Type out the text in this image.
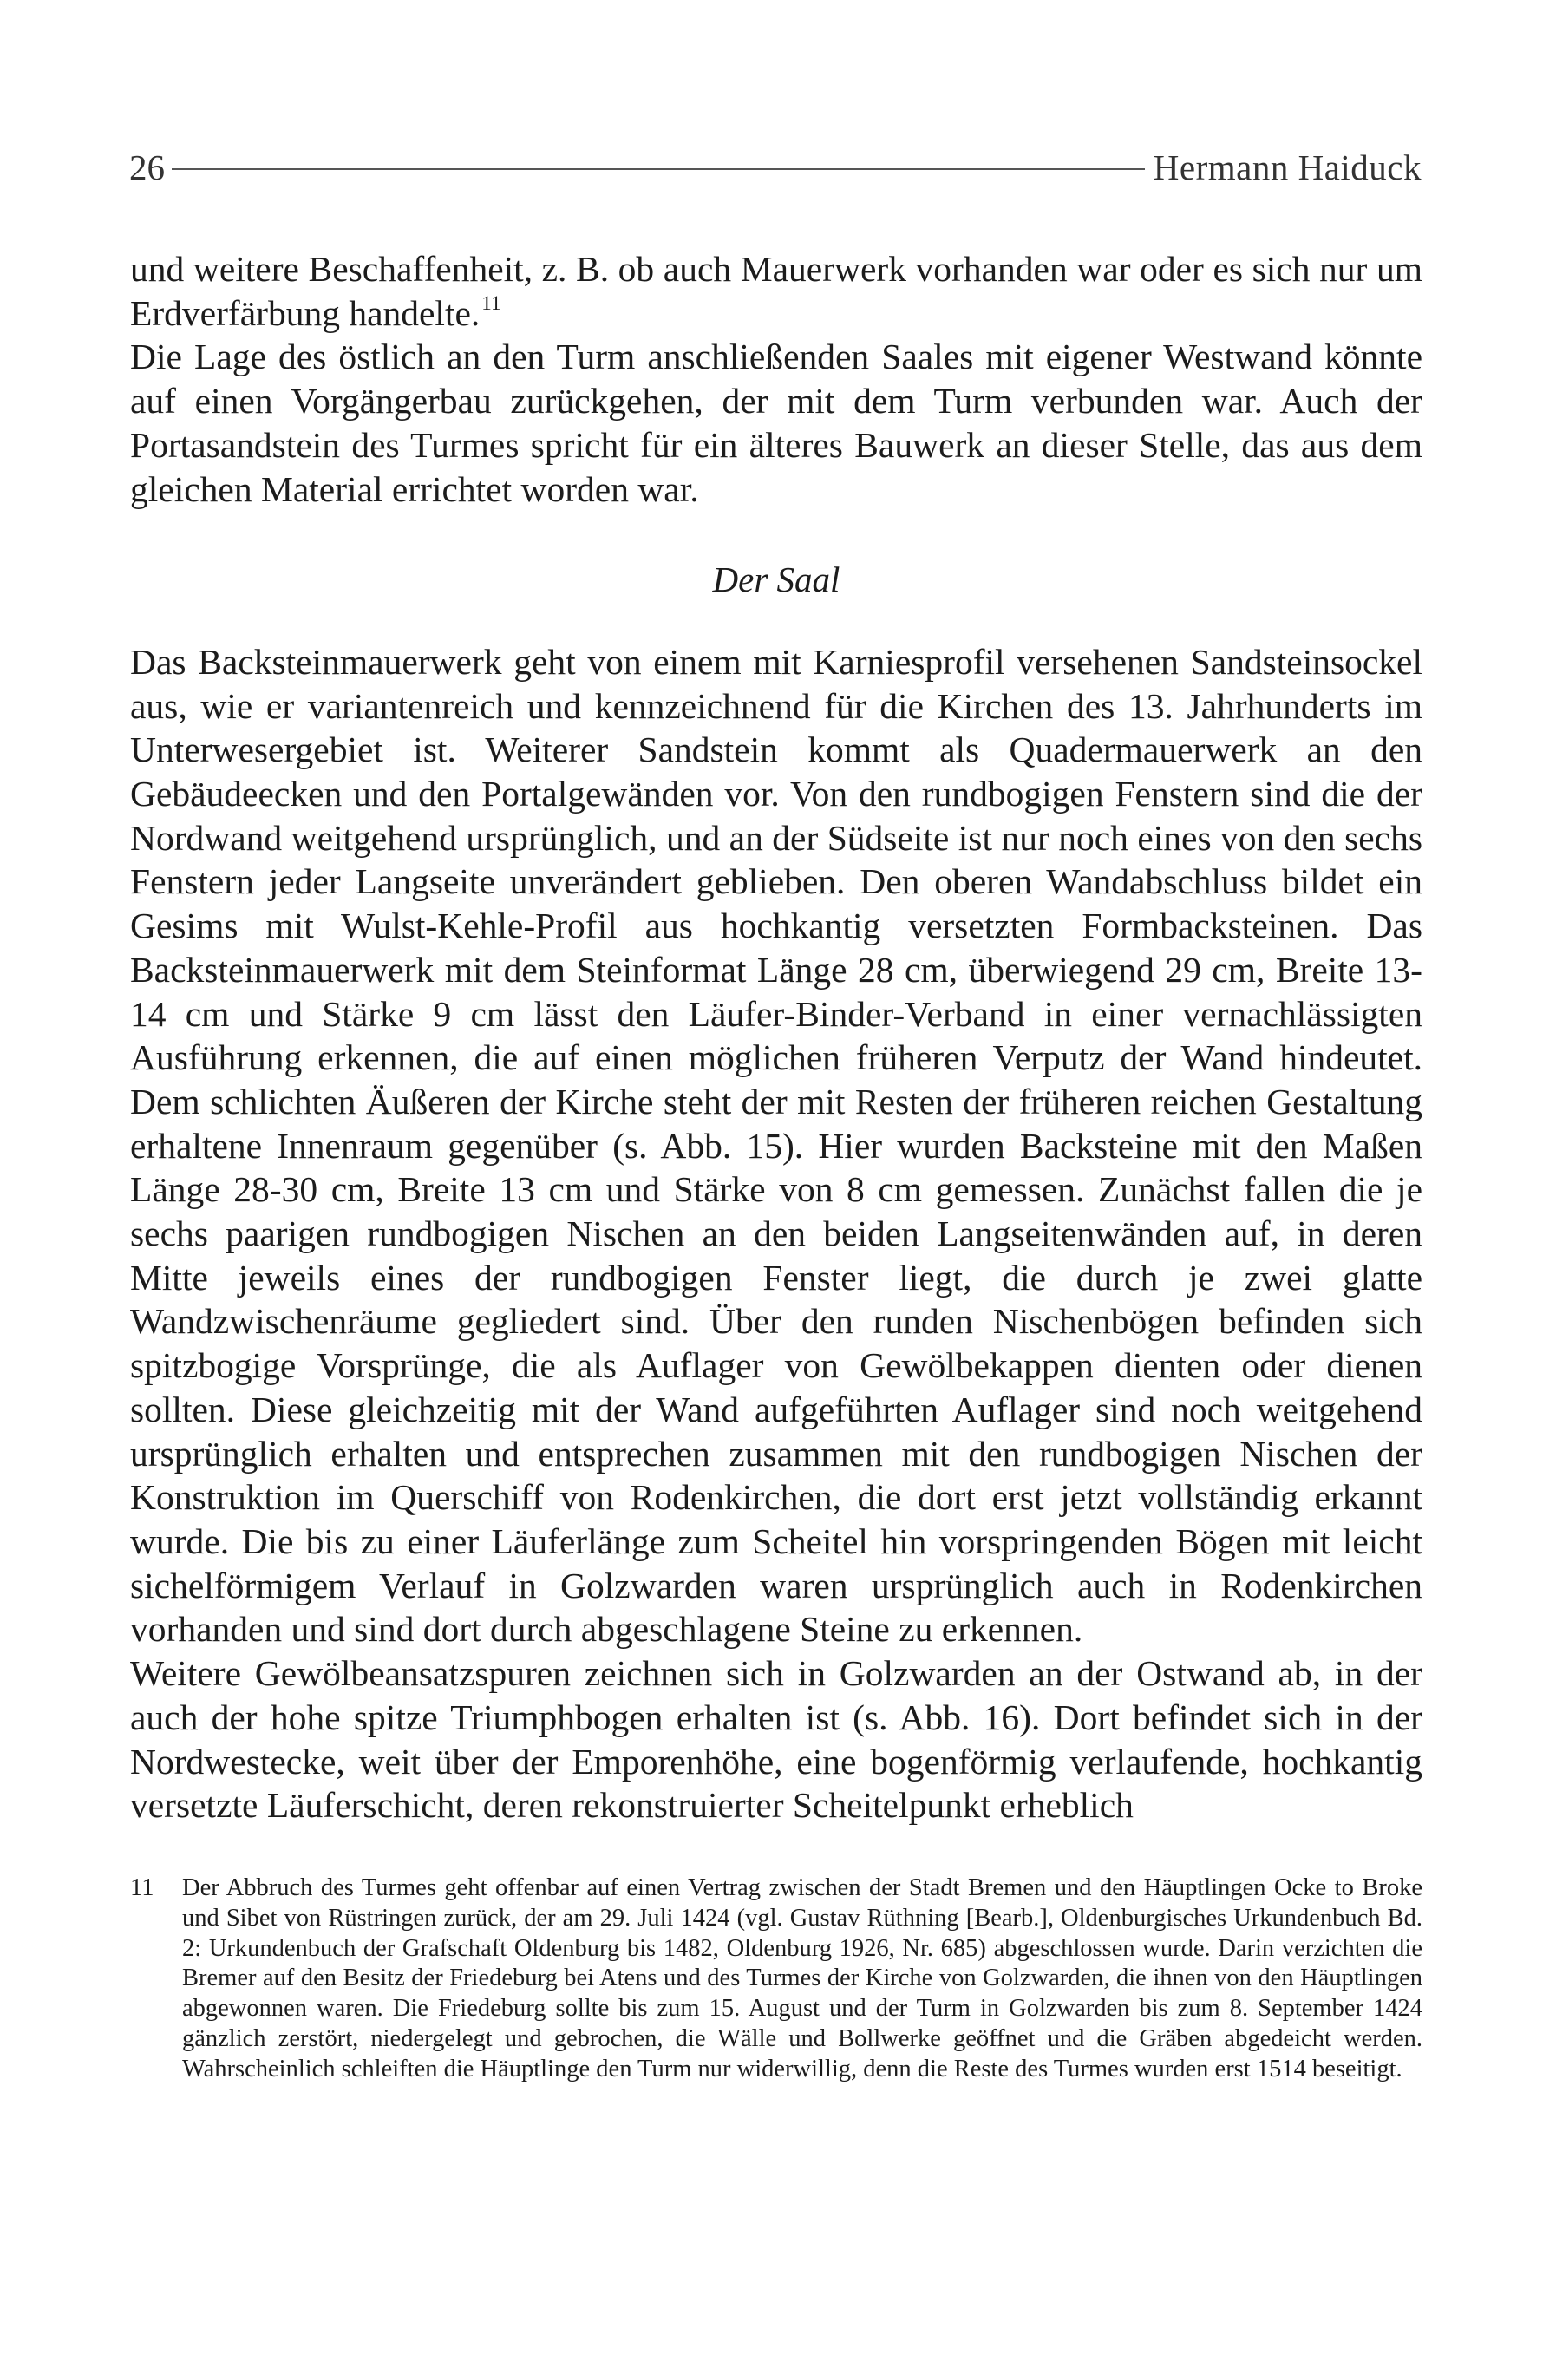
26	Hermann Haiduck

und weitere Beschaffenheit, z. B. ob auch Mauerwerk vorhanden war oder es sich nur um Erdverfärbung handelte.$^{11}$

Die Lage des östlich an den Turm anschließenden Saales mit eigener Westwand könnte auf einen Vorgängerbau zurückgehen, der mit dem Turm verbunden war. Auch der Portasandstein des Turmes spricht für ein älteres Bauwerk an dieser Stelle, das aus dem gleichen Material errichtet worden war.

Der Saal

Das Backsteinmauerwerk geht von einem mit Karniesprofil versehenen Sandsteinsockel aus, wie er variantenreich und kennzeichnend für die Kirchen des 13. Jahrhunderts im Unterwesergebiet ist. Weiterer Sandstein kommt als Quadermauerwerk an den Gebäudeecken und den Portalgewänden vor. Von den rundbogigen Fenstern sind die der Nordwand weitgehend ursprünglich, und an der Südseite ist nur noch eines von den sechs Fenstern jeder Langseite unverändert geblieben. Den oberen Wandabschluss bildet ein Gesims mit Wulst-Kehle-Profil aus hochkantig versetzten Formbacksteinen. Das Backsteinmauerwerk mit dem Steinformat Länge 28 cm, überwiegend 29 cm, Breite 13-14 cm und Stärke 9 cm lässt den Läufer-Binder-Verband in einer vernachlässigten Ausführung erkennen, die auf einen möglichen früheren Verputz der Wand hindeutet. Dem schlichten Äußeren der Kirche steht der mit Resten der früheren reichen Gestaltung erhaltene Innenraum gegenüber (s. Abb. 15). Hier wurden Backsteine mit den Maßen Länge 28-30 cm, Breite 13 cm und Stärke von 8 cm gemessen. Zunächst fallen die je sechs paarigen rundbogigen Nischen an den beiden Langseitenwänden auf, in deren Mitte jeweils eines der rundbogigen Fenster liegt, die durch je zwei glatte Wandzwischenräume gegliedert sind. Über den runden Nischenbögen befinden sich spitzbogige Vorsprünge, die als Auflager von Gewölbekappen dienten oder dienen sollten. Diese gleichzeitig mit der Wand aufgeführten Auflager sind noch weitgehend ursprünglich erhalten und entsprechen zusammen mit den rundbogigen Nischen der Konstruktion im Querschiff von Rodenkirchen, die dort erst jetzt vollständig erkannt wurde. Die bis zu einer Läuferlänge zum Scheitel hin vorspringenden Bögen mit leicht sichelförmigem Verlauf in Golzwarden waren ursprünglich auch in Rodenkirchen vorhanden und sind dort durch abgeschlagene Steine zu erkennen.

Weitere Gewölbeansatzspuren zeichnen sich in Golzwarden an der Ostwand ab, in der auch der hohe spitze Triumphbogen erhalten ist (s. Abb. 16). Dort befindet sich in der Nordwestecke, weit über der Emporenhöhe, eine bogenförmig verlaufende, hochkantig versetzte Läuferschicht, deren rekonstruierter Scheitelpunkt erheblich

11	Der Abbruch des Turmes geht offenbar auf einen Vertrag zwischen der Stadt Bremen und den Häuptlingen Ocke to Broke und Sibet von Rüstringen zurück, der am 29. Juli 1424 (vgl. Gustav Rüthning [Bearb.], Oldenburgisches Urkundenbuch Bd. 2: Urkundenbuch der Grafschaft Oldenburg bis 1482, Oldenburg 1926, Nr. 685) abgeschlossen wurde. Darin verzichten die Bremer auf den Besitz der Friedeburg bei Atens und des Turmes der Kirche von Golzwarden, die ihnen von den Häuptlingen abgewonnen waren. Die Friedeburg sollte bis zum 15. August und der Turm in Golzwarden bis zum 8. September 1424 gänzlich zerstört, niedergelegt und gebrochen, die Wälle und Bollwerke geöffnet und die Gräben abgedeicht werden. Wahrscheinlich schleiften die Häuptlinge den Turm nur widerwillig, denn die Reste des Turmes wurden erst 1514 beseitigt.
